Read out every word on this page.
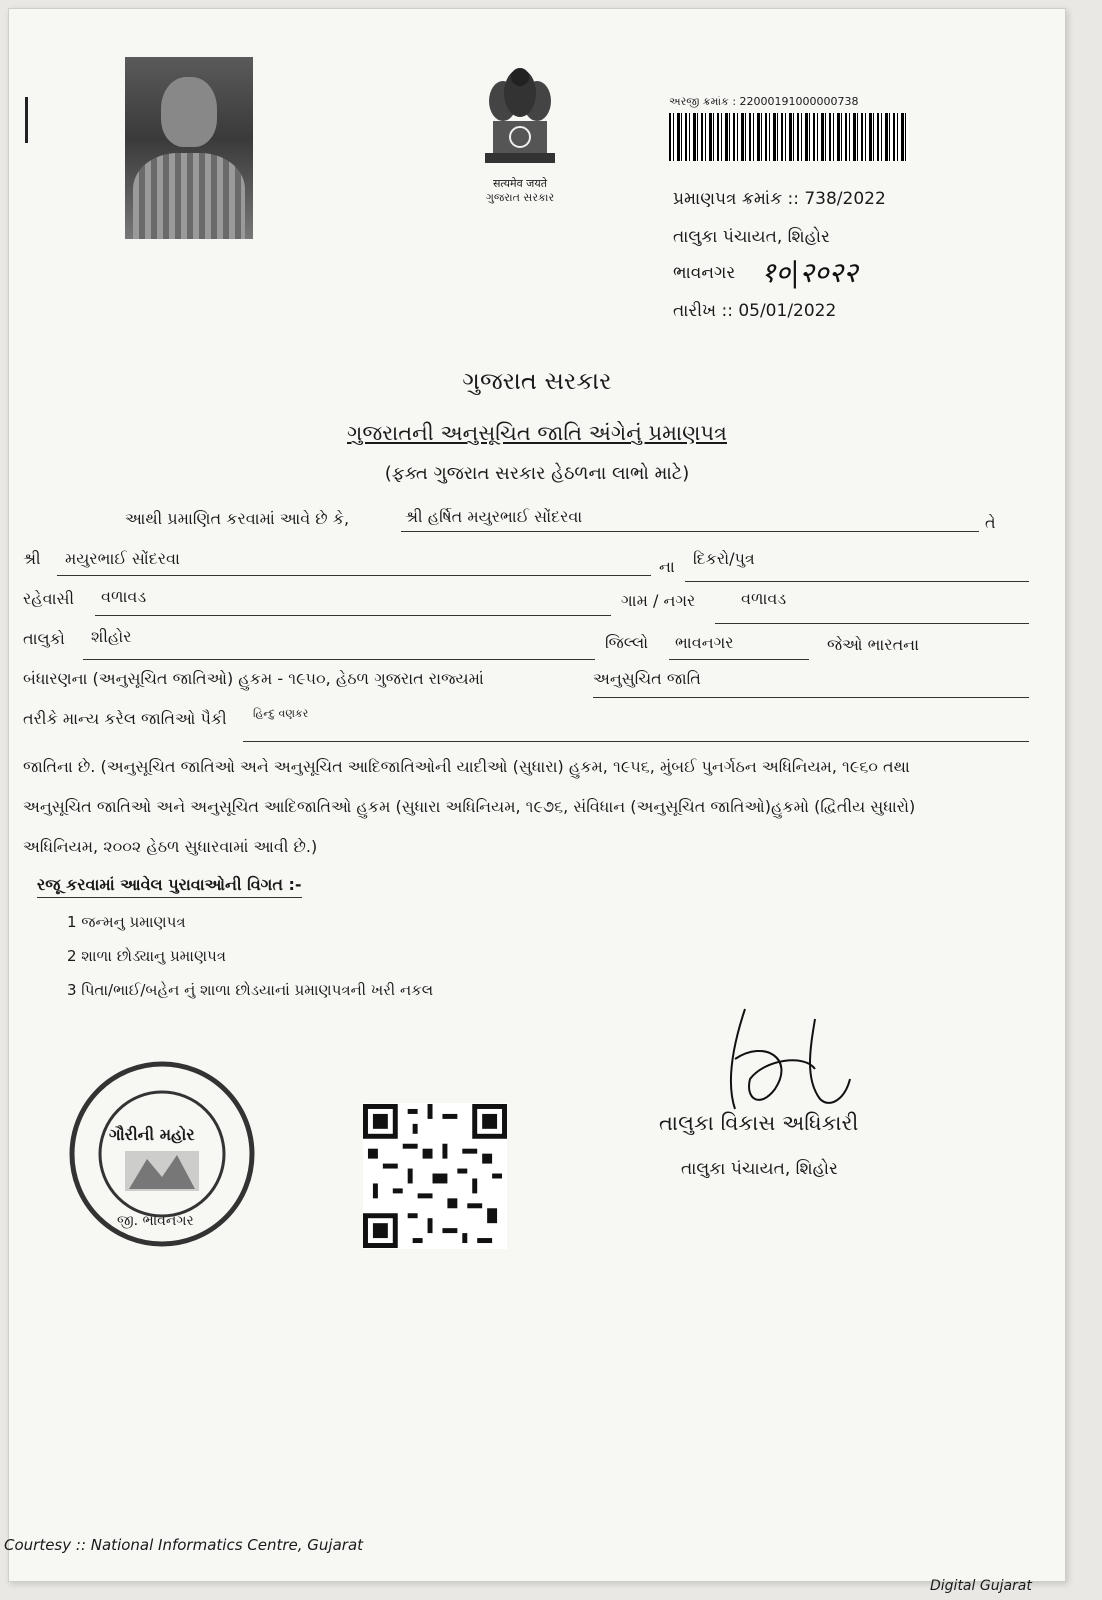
सत्यमेव जयते
ગુજરાત સરકાર
અરજી ક્રમાંક : 22000191000000738
પ્રમાણપત્ર ક્રમાંક :: 738/2022
તાલુકા પંચાયત, શિહોર
ભાવનગર १०|२०२२
તારીખ :: 05/01/2022
ગુજરાત સરકાર
ગુજરાતની અનુસૂચિત જાતિ અંગેનું પ્રમાણપત્ર
(ફક્ત ગુજરાત સરકાર હેઠળના લાભો માટે)
આથી પ્રમાણિત કરવામાં આવે છે કે,	શ્રી હર્ષિત મયુરભાઈ સોંદરવા	તે
શ્રી મયુરભાઈ સોંદરવા	ના દિકરો/પુત્ર
રહેવાસી વળાવડ	ગામ / નગર	વળાવડ
તાલુકો શીહોર	જિલ્લો ભાવનગર	જેઓ ભારતના
બંધારણના (અનુસૂચિત જાતિઓ) હુકમ - ૧૯૫૦, હેઠળ ગુજરાત રાજ્યમાં	અનુસુચિત જાતિ
તરીકે માન્ય કરેલ જાતિઓ પૈકી હિન્દુ વણકર
જાતિના છે. (અનુસૂચિત જાતિઓ અને અનુસૂચિત આદિજાતિઓની યાદીઓ (સુધારા) હુકમ, ૧૯૫૬, મુંબઈ પુનર્ગઠન અધિનિયમ, ૧૯૬૦ તથા
અનુસૂચિત જાતિઓ અને અનુસૂચિત આદિજાતિઓ હુકમ (સુધારા અધિનિયમ, ૧૯૭૬, સંવિધાન (અનુસૂચિત જાતિઓ)હુકમો (દ્વિતીય સુધારો)
અધિનિયમ, ૨૦૦૨ હેઠળ સુધારવામાં આવી છે.)
રજૂ કરવામાં આવેલ પુરાવાઓની વિગત :-
1 જન્મનુ પ્રમાણપત્ર
2 શાળા છોડ્યાનુ પ્રમાણપત્ર
3 પિતા/ભાઈ/બહેન નું શાળા છોડયાનાં પ્રમાણપત્રની ખરી નકલ
ગૌરીની મહોર
જી. ભાવનગર
તાલુકા વિકાસ અધિકારી
તાલુકા પંચાયત, શિહોર
Courtesy :: National Informatics Centre, Gujarat
Digital Gujarat
